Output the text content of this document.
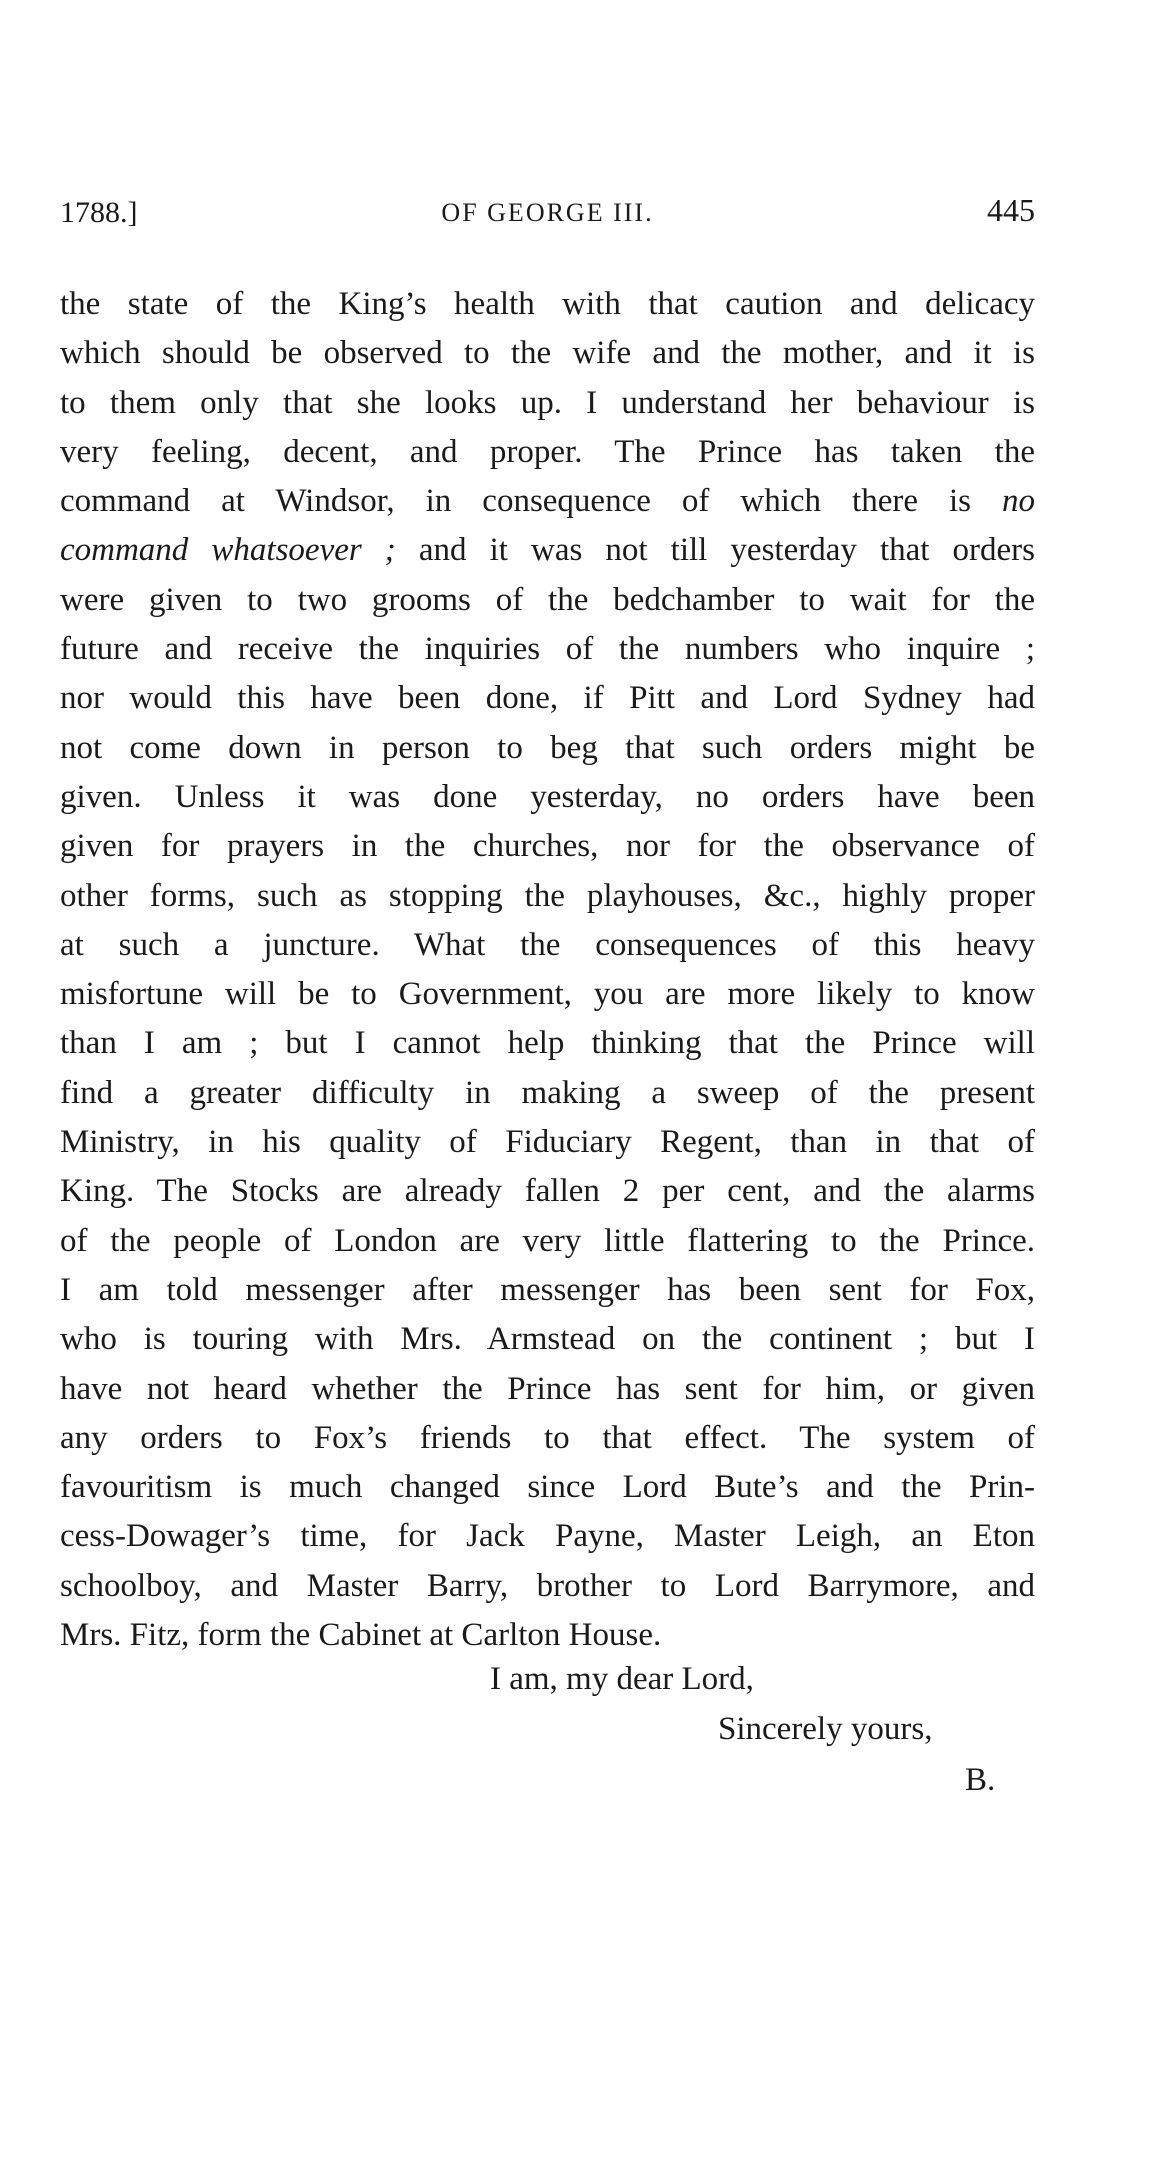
1788.]	OF GEORGE III.	445
the state of the King’s health with that caution and delicacy
which should be observed to the wife and the mother, and it is
to them only that she looks up. I understand her behaviour is
very feeling, decent, and proper. The Prince has taken the
command at Windsor, in consequence of which there is no
command whatsoever ; and it was not till yesterday that orders
were given to two grooms of the bedchamber to wait for the
future and receive the inquiries of the numbers who inquire ;
nor would this have been done, if Pitt and Lord Sydney had
not come down in person to beg that such orders might be
given. Unless it was done yesterday, no orders have been
given for prayers in the churches, nor for the observance of
other forms, such as stopping the playhouses, &c., highly proper
at such a juncture. What the consequences of this heavy
misfortune will be to Government, you are more likely to know
than I am ; but I cannot help thinking that the Prince will
find a greater difficulty in making a sweep of the present
Ministry, in his quality of Fiduciary Regent, than in that of
King. The Stocks are already fallen 2 per cent, and the alarms
of the people of London are very little flattering to the Prince.
I am told messenger after messenger has been sent for Fox,
who is touring with Mrs. Armstead on the continent ; but I
have not heard whether the Prince has sent for him, or given
any orders to Fox’s friends to that effect. The system of
favouritism is much changed since Lord Bute’s and the Prin-
cess-Dowager’s time, for Jack Payne, Master Leigh, an Eton
schoolboy, and Master Barry, brother to Lord Barrymore, and
Mrs. Fitz, form the Cabinet at Carlton House.
I am, my dear Lord,
Sincerely yours,
B.
